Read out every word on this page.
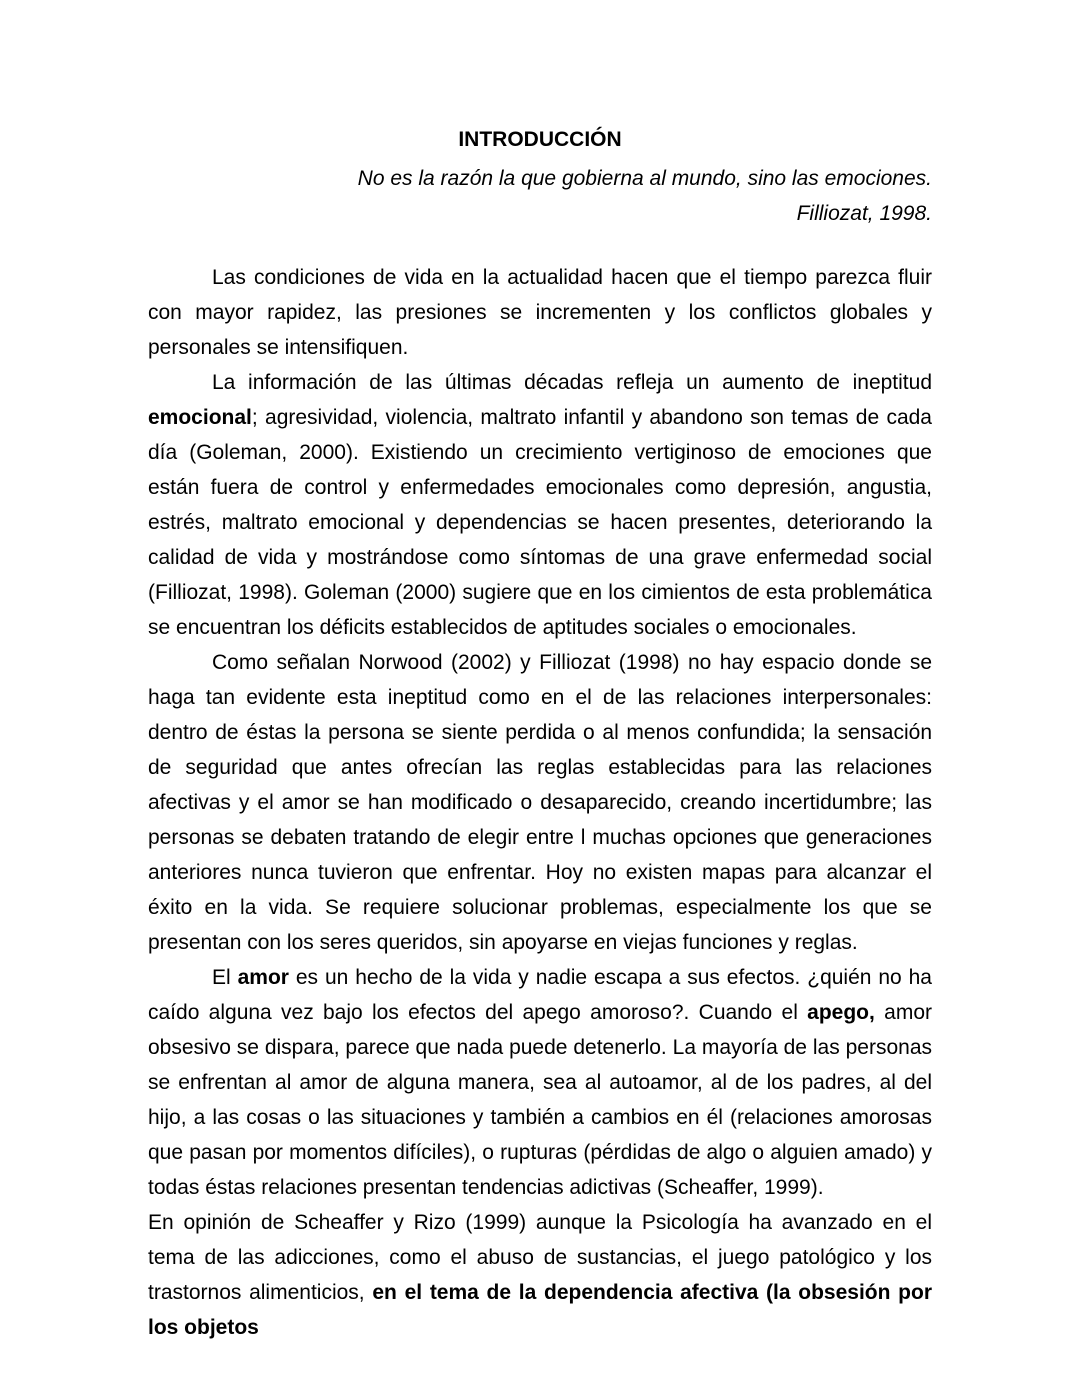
INTRODUCCIÓN
No es la razón la que gobierna al mundo, sino las emociones.
Filliozat, 1998.

Las condiciones de vida en la actualidad hacen que el tiempo parezca fluir con mayor rapidez, las presiones se incrementen y los conflictos globales y personales se intensifiquen.

La información de las últimas décadas refleja un aumento de ineptitud emocional; agresividad, violencia, maltrato infantil y abandono son temas de cada día (Goleman, 2000). Existiendo un crecimiento vertiginoso de emociones que están fuera de control y enfermedades emocionales como depresión, angustia, estrés, maltrato emocional y dependencias se hacen presentes, deteriorando la calidad de vida y mostrándose como síntomas de una grave enfermedad social (Filliozat, 1998). Goleman (2000) sugiere que en los cimientos de esta problemática se encuentran los déficits establecidos de aptitudes sociales o emocionales.

Como señalan Norwood (2002) y Filliozat (1998) no hay espacio donde se haga tan evidente esta ineptitud como en el de las relaciones interpersonales: dentro de éstas la persona se siente perdida o al menos confundida; la sensación de seguridad que antes ofrecían las reglas establecidas para las relaciones afectivas y el amor se han modificado o desaparecido, creando incertidumbre; las personas se debaten tratando de elegir entre l muchas opciones que generaciones anteriores nunca tuvieron que enfrentar. Hoy no existen mapas para alcanzar el éxito en la vida. Se requiere solucionar problemas, especialmente los que se presentan con los seres queridos, sin apoyarse en viejas funciones y reglas.

El amor es un hecho de la vida y nadie escapa a sus efectos. ¿quién no ha caído alguna vez bajo los efectos del apego amoroso?. Cuando el apego, amor obsesivo se dispara, parece que nada puede detenerlo. La mayoría de las personas se enfrentan al amor de alguna manera, sea al autoamor, al de los padres, al del hijo, a las cosas o las situaciones y también a cambios en él (relaciones amorosas que pasan por momentos difíciles), o rupturas (pérdidas de algo o alguien amado) y todas éstas relaciones presentan tendencias adictivas (Scheaffer, 1999).

En opinión de Scheaffer y Rizo (1999) aunque la Psicología ha avanzado en el tema de las adicciones, como el abuso de sustancias, el juego patológico y los trastornos alimenticios, en el tema de la dependencia afectiva (la obsesión por los objetos
